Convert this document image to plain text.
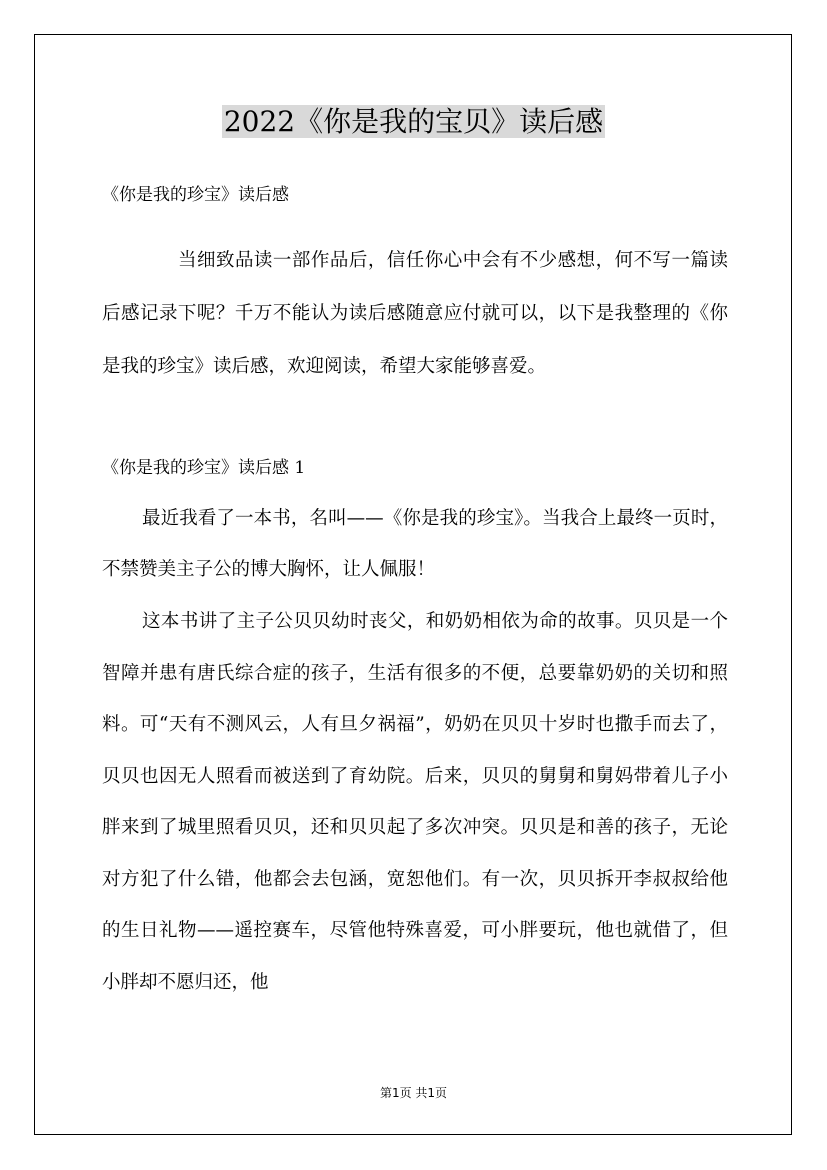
2022《你是我的宝贝》读后感
《你是我的珍宝》读后感
当细致品读一部作品后，信任你心中会有不少感想，何不写一篇读后感记录下呢？千万不能认为读后感随意应付就可以，以下是我整理的《你是我的珍宝》读后感，欢迎阅读，希望大家能够喜爱。
《你是我的珍宝》读后感 1
最近我看了一本书，名叫——《你是我的珍宝》。当我合上最终一页时，不禁赞美主子公的博大胸怀，让人佩服！
这本书讲了主子公贝贝幼时丧父，和奶奶相依为命的故事。贝贝是一个智障并患有唐氏综合症的孩子，生活有很多的不便，总要靠奶奶的关切和照料。可“天有不测风云，人有旦夕祸福”，奶奶在贝贝十岁时也撒手而去了，贝贝也因无人照看而被送到了育幼院。后来，贝贝的舅舅和舅妈带着儿子小胖来到了城里照看贝贝，还和贝贝起了多次冲突。贝贝是和善的孩子，无论对方犯了什么错，他都会去包涵，宽恕他们。有一次，贝贝拆开李叔叔给他的生日礼物——遥控赛车，尽管他特殊喜爱，可小胖要玩，他也就借了，但小胖却不愿归还，他
第1页 共1页
